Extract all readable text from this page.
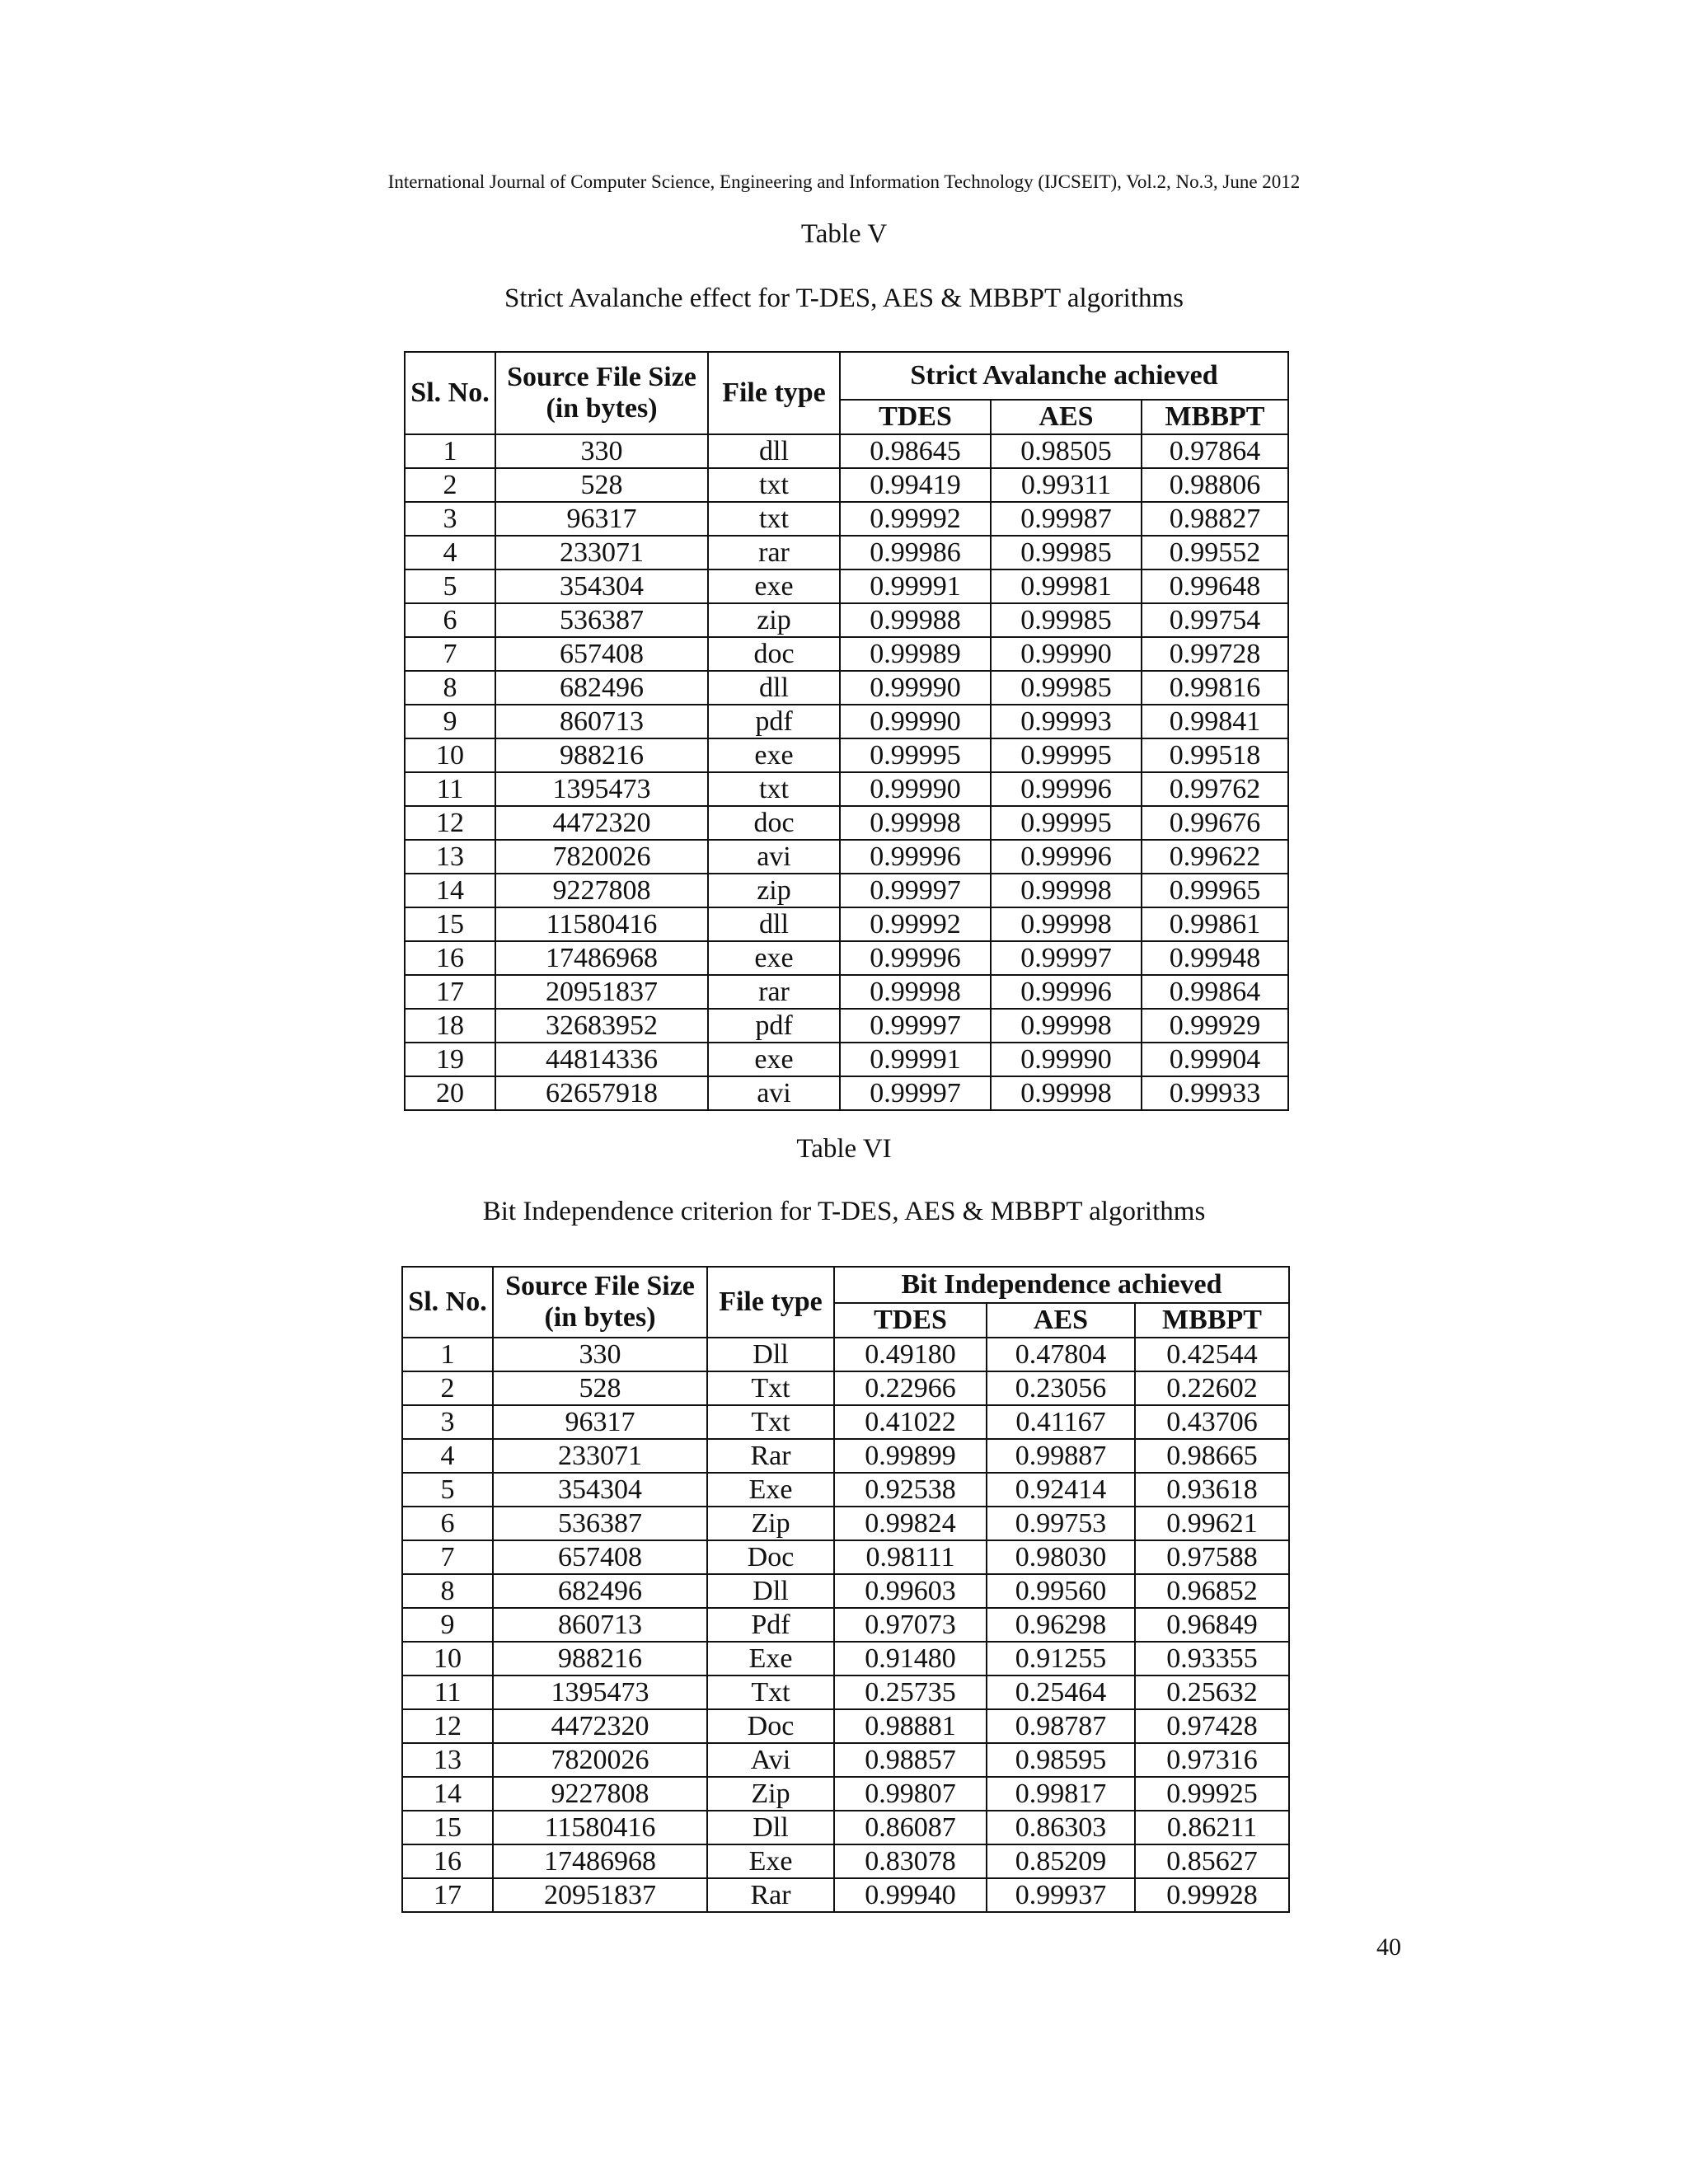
International Journal of Computer Science, Engineering and Information Technology (IJCSEIT), Vol.2, No.3, June 2012
Table V
Strict Avalanche effect for T-DES, AES & MBBPT algorithms
Sl. No.	Source File Size (in bytes)	File type	Strict Avalanche achieved		
			TDES	AES	MBBPT
1	330	dll	0.98645	0.98505	0.97864
2	528	txt	0.99419	0.99311	0.98806
3	96317	txt	0.99992	0.99987	0.98827
4	233071	rar	0.99986	0.99985	0.99552
5	354304	exe	0.99991	0.99981	0.99648
6	536387	zip	0.99988	0.99985	0.99754
7	657408	doc	0.99989	0.99990	0.99728
8	682496	dll	0.99990	0.99985	0.99816
9	860713	pdf	0.99990	0.99993	0.99841
10	988216	exe	0.99995	0.99995	0.99518
11	1395473	txt	0.99990	0.99996	0.99762
12	4472320	doc	0.99998	0.99995	0.99676
13	7820026	avi	0.99996	0.99996	0.99622
14	9227808	zip	0.99997	0.99998	0.99965
15	11580416	dll	0.99992	0.99998	0.99861
16	17486968	exe	0.99996	0.99997	0.99948
17	20951837	rar	0.99998	0.99996	0.99864
18	32683952	pdf	0.99997	0.99998	0.99929
19	44814336	exe	0.99991	0.99990	0.99904
20	62657918	avi	0.99997	0.99998	0.99933
Table VI
Bit Independence criterion for T-DES, AES & MBBPT algorithms
Sl. No.	Source File Size (in bytes)	File type	Bit Independence achieved		
			TDES	AES	MBBPT
1	330	Dll	0.49180	0.47804	0.42544
2	528	Txt	0.22966	0.23056	0.22602
3	96317	Txt	0.41022	0.41167	0.43706
4	233071	Rar	0.99899	0.99887	0.98665
5	354304	Exe	0.92538	0.92414	0.93618
6	536387	Zip	0.99824	0.99753	0.99621
7	657408	Doc	0.98111	0.98030	0.97588
8	682496	Dll	0.99603	0.99560	0.96852
9	860713	Pdf	0.97073	0.96298	0.96849
10	988216	Exe	0.91480	0.91255	0.93355
11	1395473	Txt	0.25735	0.25464	0.25632
12	4472320	Doc	0.98881	0.98787	0.97428
13	7820026	Avi	0.98857	0.98595	0.97316
14	9227808	Zip	0.99807	0.99817	0.99925
15	11580416	Dll	0.86087	0.86303	0.86211
16	17486968	Exe	0.83078	0.85209	0.85627
17	20951837	Rar	0.99940	0.99937	0.99928
40
